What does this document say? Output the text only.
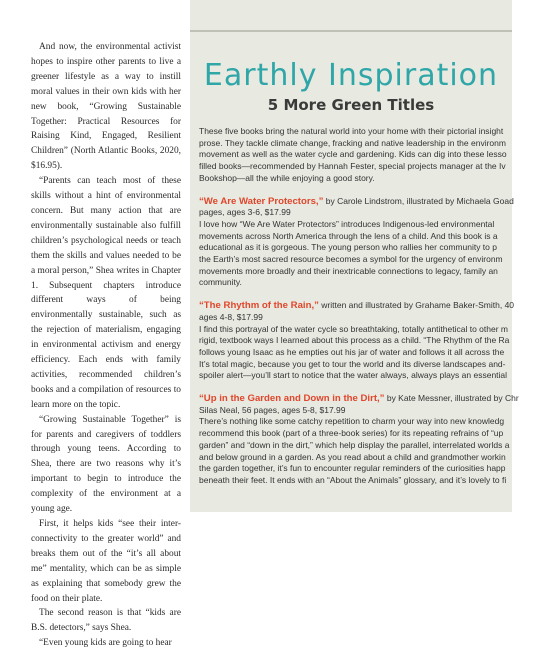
And now, the environmental activist hopes to inspire other parents to live a greener lifestyle as a way to instill moral values in their own kids with her new book, “Growing Sustainable Together: Practical Resources for Raising Kind, Engaged, Resilient Children” (North Atlantic Books, 2020, $16.95).

“Parents can teach most of these skills without a hint of environmental concern. But many action that are environmentally sustainable also fulfill children’s psychological needs or teach them the skills and values needed to be a moral person,” Shea writes in Chapter 1. Subsequent chapters introduce different ways of being environmentally sustainable, such as the rejection of materialism, engaging in environmental activism and energy efficiency. Each ends with family activities, recommended children’s books and a compilation of resources to learn more on the topic.

“Growing Sustainable Together” is for parents and caregivers of toddlers through young teens. According to Shea, there are two reasons why it’s important to begin to introduce the complexity of the environment at a young age.

First, it helps kids “see their inter-connectivity to the greater world” and breaks them out of the “it’s all about me” mentality, which can be as simple as explaining that somebody grew the food on their plate.

The second reason is that “kids are B.S. detectors,” says Shea.

“Even young kids are going to hear

Earthly Inspiration
5 More Green Titles

These five books bring the natural world into your home with their pictorial insight

prose. They tackle climate change, fracking and native leadership in the environm

movement as well as the water cycle and gardening. Kids can dig into these lesso

filled books—recommended by Hannah Fester, special projects manager at the Iv

Bookshop—all the while enjoying a good story.

“We Are Water Protectors,” by Carole Lindstrom, illustrated by Michaela Goad

pages, ages 3-6, $17.99

I love how “We Are Water Protectors” introduces Indigenous-led environmental

movements across North America through the lens of a child. And this book is a

educational as it is gorgeous. The young person who rallies her community to p

the Earth’s most sacred resource becomes a symbol for the urgency of environm

movements more broadly and their inextricable connections to legacy, family an

community.

“The Rhythm of the Rain,” written and illustrated by Grahame Baker-Smith, 40

ages 4-8, $17.99

I find this portrayal of the water cycle so breathtaking, totally antithetical to other m

rigid, textbook ways I learned about this process as a child. “The Rhythm of the Ra

follows young Isaac as he empties out his jar of water and follows it all across the

It’s total magic, because you get to tour the world and its diverse landscapes and-

spoiler alert—you’ll start to notice that the water always, always plays an essential

“Up in the Garden and Down in the Dirt,” by Kate Messner, illustrated by Chr

Silas Neal, 56 pages, ages 5-8, $17.99

There’s nothing like some catchy repetition to charm your way into new knowledg

recommend this book (part of a three-book series) for its repeating refrains of “up

garden” and “down in the dirt,” which help display the parallel, interrelated worlds a

and below ground in a garden. As you read about a child and grandmother workin

the garden together, it’s fun to encounter regular reminders of the curiosities happ

beneath their feet. It ends with an “About the Animals” glossary, and it’s lovely to fi
